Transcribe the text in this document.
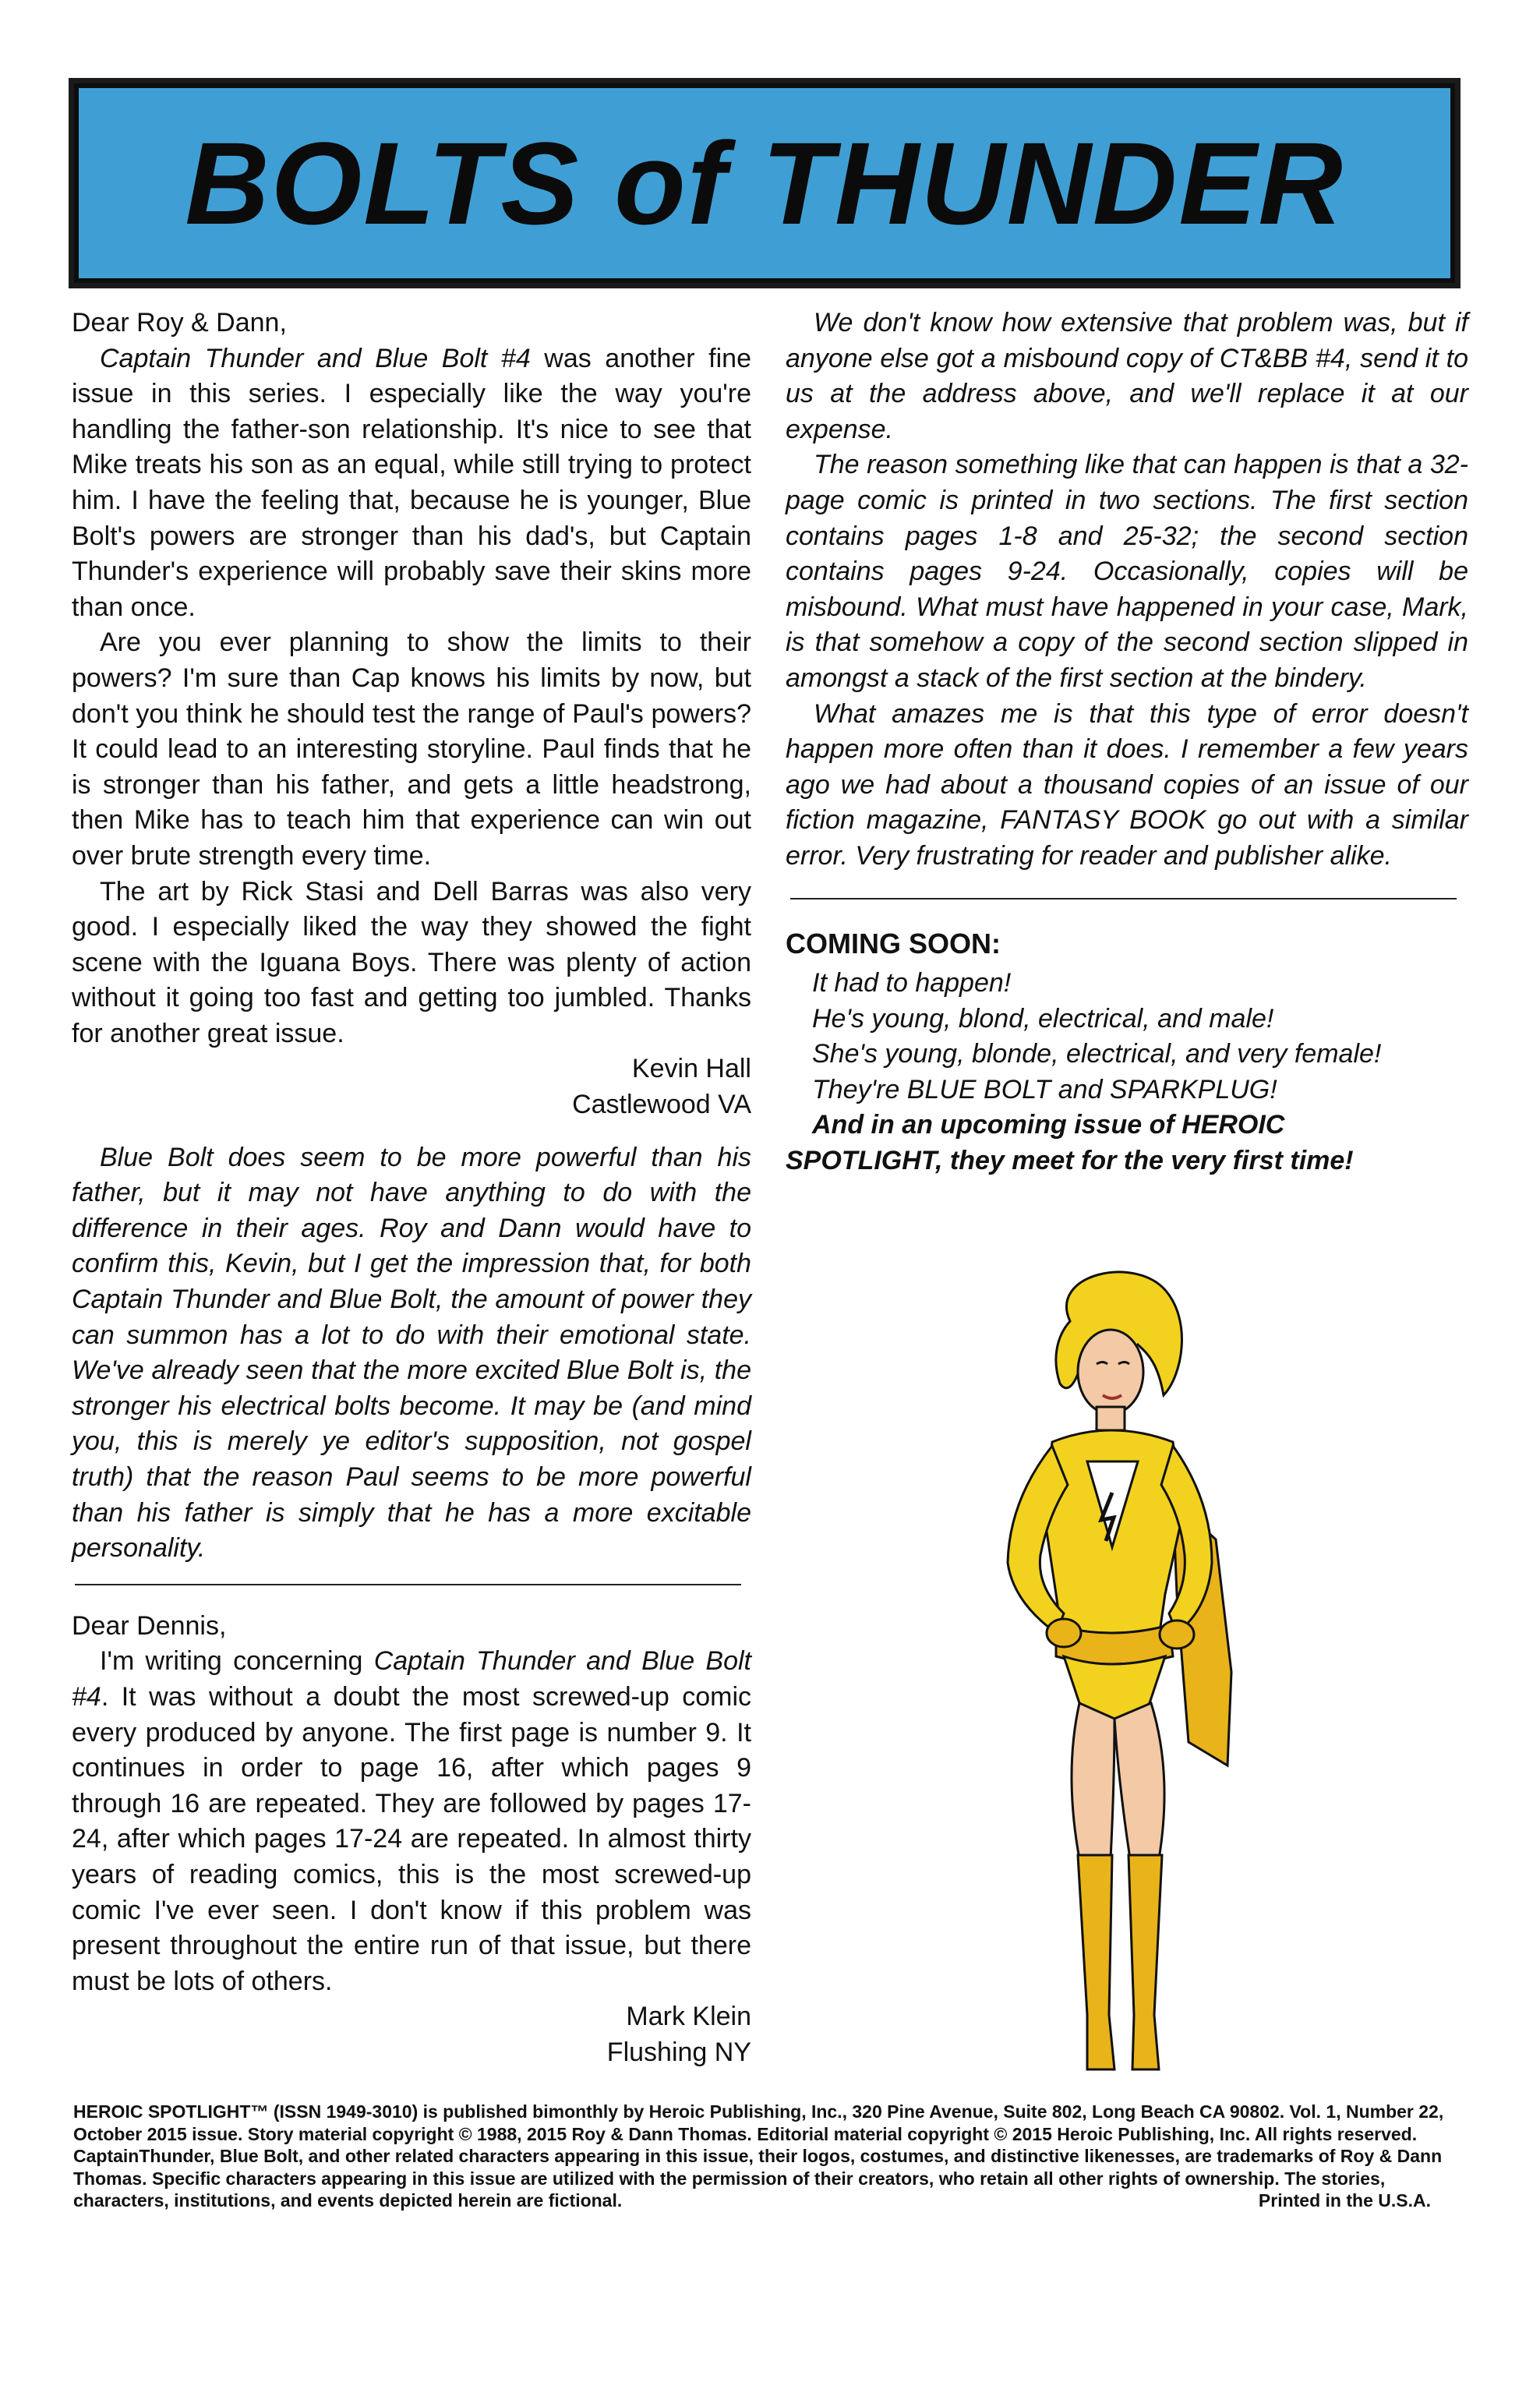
BOLTS of THUNDER

Dear Roy & Dann,

Captain Thunder and Blue Bolt #4 was another fine issue in this series. I especially like the way you're handling the father-son relationship. It's nice to see that Mike treats his son as an equal, while still trying to protect him. I have the feeling that, because he is younger, Blue Bolt's powers are stronger than his dad's, but Captain Thunder's experience will probably save their skins more than once.

Are you ever planning to show the limits to their powers? I'm sure than Cap knows his limits by now, but don't you think he should test the range of Paul's powers? It could lead to an interesting storyline. Paul finds that he is stronger than his father, and gets a little headstrong, then Mike has to teach him that experience can win out over brute strength every time.

The art by Rick Stasi and Dell Barras was also very good. I especially liked the way they showed the fight scene with the Iguana Boys. There was plenty of action without it going too fast and getting too jumbled. Thanks for another great issue.

Kevin Hall

Castlewood VA

Blue Bolt does seem to be more powerful than his father, but it may not have anything to do with the difference in their ages. Roy and Dann would have to confirm this, Kevin, but I get the impression that, for both Captain Thunder and Blue Bolt, the amount of power they can summon has a lot to do with their emotional state. We've already seen that the more excited Blue Bolt is, the stronger his electrical bolts become. It may be (and mind you, this is merely ye editor's supposition, not gospel truth) that the reason Paul seems to be more powerful than his father is simply that he has a more excitable personality.

Dear Dennis,

I'm writing concerning Captain Thunder and Blue Bolt #4. It was without a doubt the most screwed-up comic every produced by anyone. The first page is number 9. It continues in order to page 16, after which pages 9 through 16 are repeated. They are followed by pages 17-24, after which pages 17-24 are repeated. In almost thirty years of reading comics, this is the most screwed-up comic I've ever seen. I don't know if this problem was present throughout the entire run of that issue, but there must be lots of others.

Mark Klein

Flushing NY

We don't know how extensive that problem was, but if anyone else got a misbound copy of CT&BB #4, send it to us at the address above, and we'll replace it at our expense.

The reason something like that can happen is that a 32-page comic is printed in two sections. The first section contains pages 1-8 and 25-32; the second section contains pages 9-24. Occasionally, copies will be misbound. What must have happened in your case, Mark, is that somehow a copy of the second section slipped in amongst a stack of the first section at the bindery.

What amazes me is that this type of error doesn't happen more often than it does. I remember a few years ago we had about a thousand copies of an issue of our fiction magazine, FANTASY BOOK go out with a similar error. Very frustrating for reader and publisher alike.

COMING SOON:
It had to happen!
He's young, blond, electrical, and male!
She's young, blonde, electrical, and very female!
They're BLUE BOLT and SPARKPLUG!
And in an upcoming issue of HEROIC
SPOTLIGHT, they meet for the very first time!
HEROIC SPOTLIGHT™ (ISSN 1949-3010) is published bimonthly by Heroic Publishing, Inc., 320 Pine Avenue, Suite 802, Long Beach CA 90802. Vol. 1, Number 22, October 2015 issue. Story material copyright © 1988, 2015 Roy & Dann Thomas. Editorial material copyright © 2015 Heroic Publishing, Inc. All rights reserved. CaptainThunder, Blue Bolt, and other related characters appearing in this issue, their logos, costumes, and distinctive likenesses, are trademarks of Roy & Dann Thomas. Specific characters appearing in this issue are utilized with the permission of their creators, who retain all other rights of ownership. The stories, characters, institutions, and events depicted herein are fictional.	Printed in the U.S.A.
